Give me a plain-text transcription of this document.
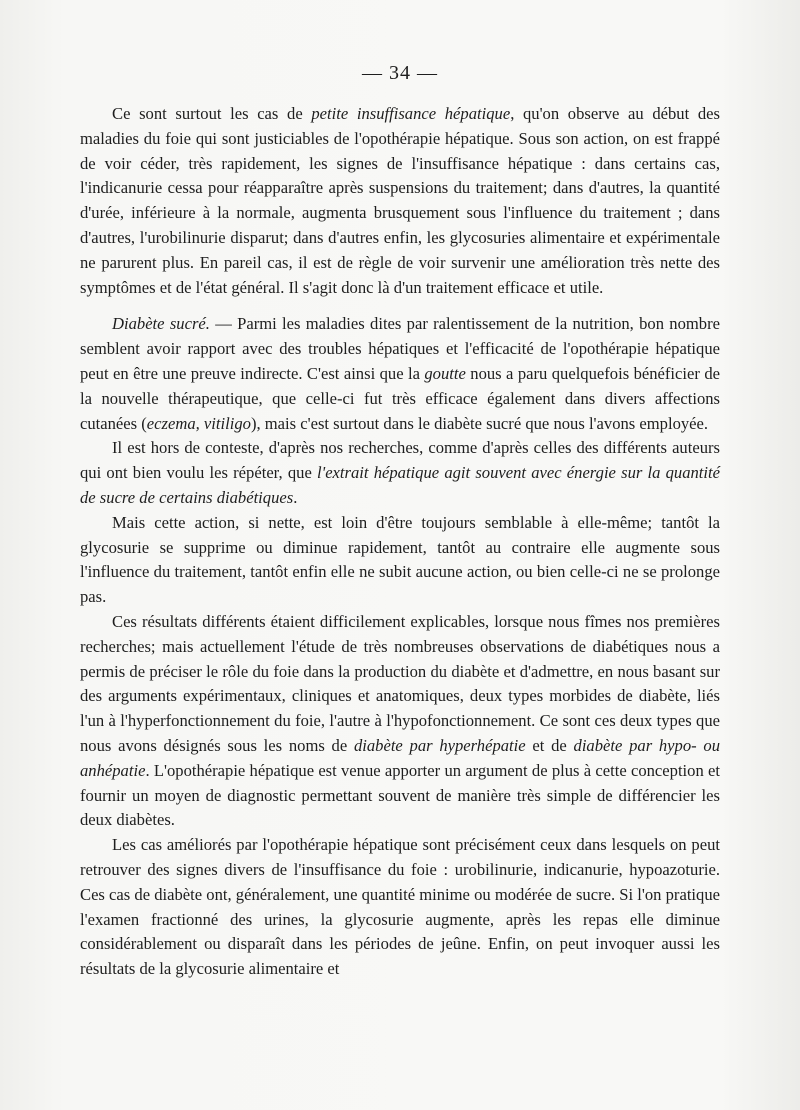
— 34 —

Ce sont surtout les cas de petite insuffisance hépatique, qu'on observe au début des maladies du foie qui sont justiciables de l'opothérapie hépatique. Sous son action, on est frappé de voir céder, très rapidement, les signes de l'insuffisance hépatique : dans certains cas, l'indicanurie cessa pour réapparaître après suspensions du traitement; dans d'autres, la quantité d'urée, inférieure à la normale, augmenta brusquement sous l'influence du traitement ; dans d'autres, l'urobilinurie disparut; dans d'autres enfin, les glycosuries alimentaire et expérimentale ne parurent plus. En pareil cas, il est de règle de voir survenir une amélioration très nette des symptômes et de l'état général. Il s'agit donc là d'un traitement efficace et utile.

Diabète sucré. — Parmi les maladies dites par ralentissement de la nutrition, bon nombre semblent avoir rapport avec des troubles hépatiques et l'efficacité de l'opothérapie hépatique peut en être une preuve indirecte. C'est ainsi que la goutte nous a paru quelquefois bénéficier de la nouvelle thérapeutique, que celle-ci fut très efficace également dans divers affections cutanées (eczema, vitiligo), mais c'est surtout dans le diabète sucré que nous l'avons employée.

Il est hors de conteste, d'après nos recherches, comme d'après celles des différents auteurs qui ont bien voulu les répéter, que l'extrait hépatique agit souvent avec énergie sur la quantité de sucre de certains diabétiques.

Mais cette action, si nette, est loin d'être toujours semblable à elle-même; tantôt la glycosurie se supprime ou diminue rapidement, tantôt au contraire elle augmente sous l'influence du traitement, tantôt enfin elle ne subit aucune action, ou bien celle-ci ne se prolonge pas.

Ces résultats différents étaient difficilement explicables, lorsque nous fîmes nos premières recherches; mais actuellement l'étude de très nombreuses observations de diabétiques nous a permis de préciser le rôle du foie dans la production du diabète et d'admettre, en nous basant sur des arguments expérimentaux, cliniques et anatomiques, deux types morbides de diabète, liés l'un à l'hyperfonctionnement du foie, l'autre à l'hypofonctionnement. Ce sont ces deux types que nous avons désignés sous les noms de diabète par hyperhépatie et de diabète par hypo- ou anhépatie. L'opothérapie hépatique est venue apporter un argument de plus à cette conception et fournir un moyen de diagnostic permettant souvent de manière très simple de différencier les deux diabètes.

Les cas améliorés par l'opothérapie hépatique sont précisément ceux dans lesquels on peut retrouver des signes divers de l'insuffisance du foie : urobilinurie, indicanurie, hypoazoturie. Ces cas de diabète ont, généralement, une quantité minime ou modérée de sucre. Si l'on pratique l'examen fractionné des urines, la glycosurie augmente, après les repas elle diminue considérablement ou disparaît dans les périodes de jeûne. Enfin, on peut invoquer aussi les résultats de la glycosurie alimentaire et
